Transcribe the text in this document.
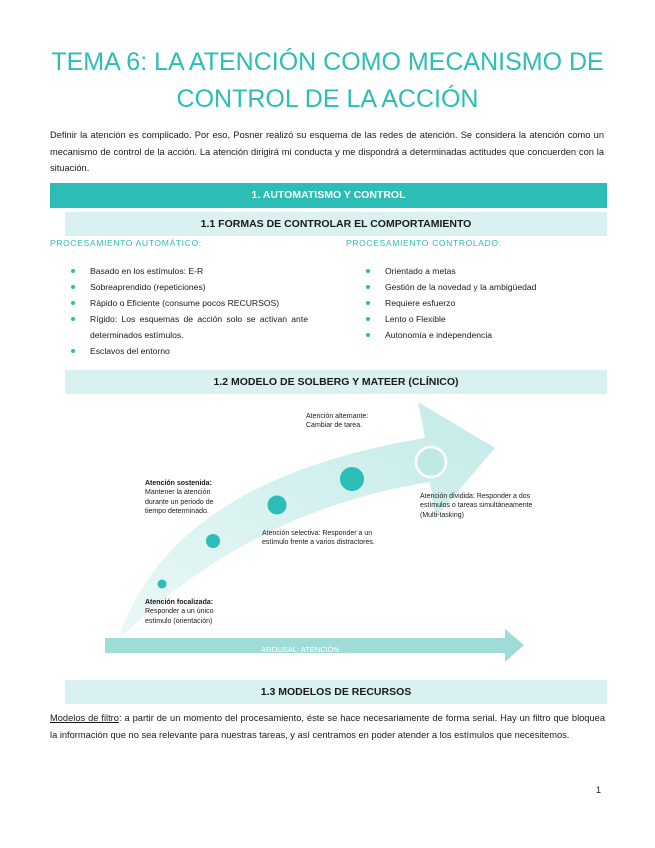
TEMA 6: LA ATENCIÓN COMO MECANISMO DE CONTROL DE LA ACCIÓN

Definir la atención es complicado. Por eso, Posner realizó su esquema de las redes de atención. Se considera la atención como un mecanismo de control de la acción. La atención dirigirá mi conducta y me dispondrá a determinadas actitudes que concuerden con la situación.

1. AUTOMATISMO Y CONTROL
1.1 FORMAS DE CONTROLAR EL COMPORTAMIENTO
PROCESAMIENTO AUTOMÁTICO:	PROCESAMIENTO CONTROLADO:
Basado en los estímulos: E-R
Sobreaprendido (repeticiones)
Rápido o Eficiente (consume pocos RECURSOS)
Rígido: Los esquemas de acción solo se activan ante determinados estímulos.
Esclavos del entorno
Orientado a metas
Gestión de la novedad y la ambigüedad
Requiere esfuerzo
Lento o Flexible
Autonomía e independencia
1.2 MODELO DE SOLBERG Y MATEER (CLÍNICO)
Atención focalizada:
Responder a un único estímulo (orientación)
Atención sostenida:
Mantener la atención durante un periodo de tiempo determinado.
Atención selectiva: Responder a un estímulo frente a varios distractores.
Atención alternante:
Cambiar de tarea.
Atención dividida: Responder a dos estímulos o tareas simultáneamente (Multi-tasking)
AROUSAL: ATENCIÓN
1.3 MODELOS DE RECURSOS

Modelos de filtro: a partir de un momento del procesamiento, éste se hace necesariamente de forma serial. Hay un filtro que bloquea la información que no sea relevante para nuestras tareas, y así centramos en poder atender a los estímulos que necesitemos.

1
